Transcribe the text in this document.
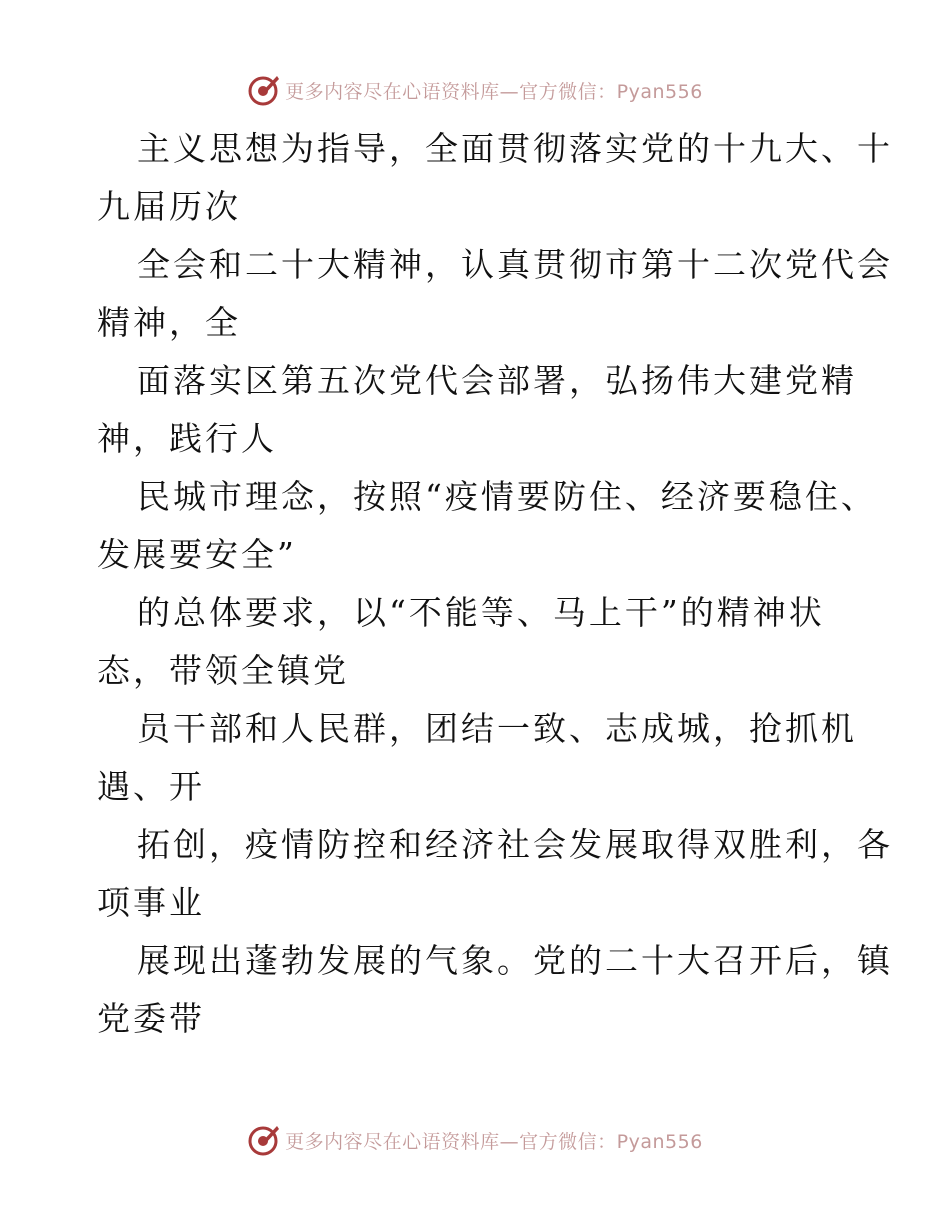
更多内容尽在心语资料库—官方微信：Pyan556
主义思想为指导，全面贯彻落实党的十九大、十
九届历次
全会和二十大精神，认真贯彻市第十二次党代会
精神，全
面落实区第五次党代会部署，弘扬伟大建党精
神，践行人
民城市理念，按照“疫情要防住、经济要稳住、
发展要安全”
的总体要求，以“不能等、马上干”的精神状
态，带领全镇党
员干部和人民群，团结一致、志成城，抢抓机
遇、开
拓创，疫情防控和经济社会发展取得双胜利，各
项事业
展现出蓬勃发展的气象。党的二十大召开后，镇
党委带
更多内容尽在心语资料库—官方微信：Pyan556
